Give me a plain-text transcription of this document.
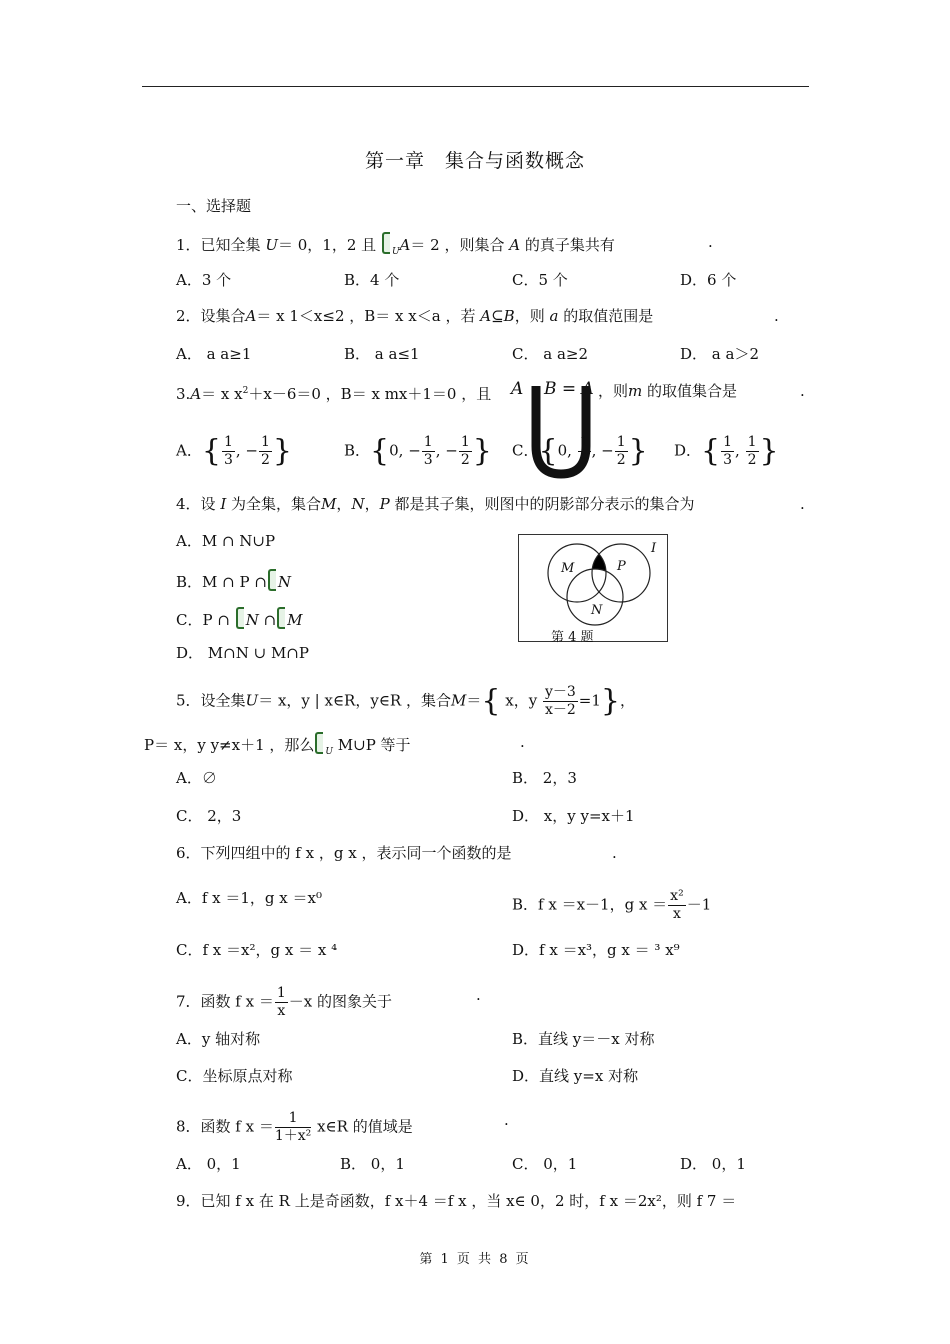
第一章　集合与函数概念
一、选择题
1．已知全集 U＝ 0，1，2 且 $_U$A＝ 2 ，则集合 A 的真子集共有	.
A．3 个	B．4 个	C．5 个	D．6 个
2．设集合A＝ x 1＜x≤2 ，B＝ x x＜a ，若 A⊆B，则 a 的取值范围是	.
A． a a≥1	B． a a≤1	C． a a≥2	D． a a＞2
3.A＝ x $x^2+x-6=0$ ，B＝ x mx＋1＝0 ，且 A B = A ，则m 的取值集合是	.
A．{ $\frac{1}{3}$ , − $\frac{1}{2}$ }	B．{0, − $\frac{1}{3}$ , − $\frac{1}{2}$ } C．{0, $\frac{1}{3}$ , − $\frac{1}{2}$ } D．{ $\frac{1}{3}$ , $\frac{1}{2}$ }
4．设 I 为全集，集合M，N，P 都是其子集，则图中的阴影部分表示的集合为	.
A．M ∩ N∪P
B．M ∩ P ∩ N
C．P ∩ N ∩ M
D． M∩N ∪ M∩P
M	P
N
I
第 4 题
5．设全集U＝ x，y | x∈R，y∈R ，集合M＝{ x，y $\frac{y-3}{x-2} =1$}，
P＝ x，y y≠x＋1 ，那么 $_U$ M∪P 等于	.
A．∅	B． 2，3
C． 2，3	D． x，y y=x＋1
6．下列四组中的 f x ，g x ，表示同一个函数的是	.
A．f x ＝1，g x ＝x⁰	B．f x ＝x－1，g $x = \frac{\text{x²}}{x} -1$
C．f x ＝x²，g x ＝ x ⁴	D．f x ＝x³，g x ＝ ³ x⁹
7．函数 f $x = \frac{1}{x} -x$ 的图象关于	.
A．y 轴对称	B．直线 y＝－x 对称
C．坐标原点对称	D．直线 y=x 对称
8．函数 f $x = \frac{1}{\text{1＋x²}}$ x∈R 的值域是	.
A． 0，1	B． 0，1	C． 0，1	D． 0，1
9．已知 f x 在 R 上是奇函数，f x＋4 ＝f x ，当 x∈ 0，2 时，f x ＝2x²，则 f 7 ＝
第 1 页 共 8 页
